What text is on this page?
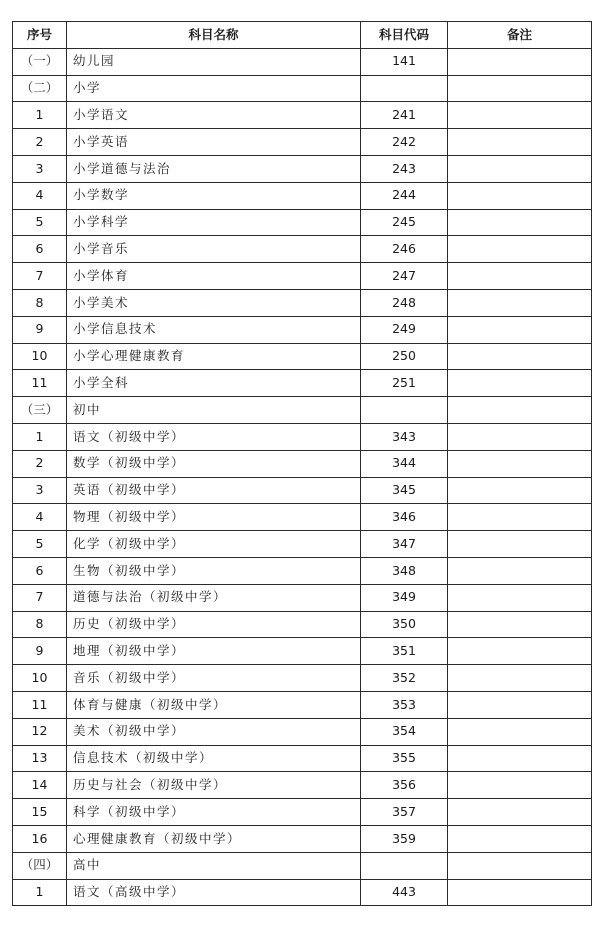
序号	科目名称	科目代码	备注
（一）	幼儿园	141	
（二）	小学		
1	小学语文	241	
2	小学英语	242	
3	小学道德与法治	243	
4	小学数学	244	
5	小学科学	245	
6	小学音乐	246	
7	小学体育	247	
8	小学美术	248	
9	小学信息技术	249	
10	小学心理健康教育	250	
11	小学全科	251	
（三）	初中		
1	语文（初级中学）	343	
2	数学（初级中学）	344	
3	英语（初级中学）	345	
4	物理（初级中学）	346	
5	化学（初级中学）	347	
6	生物（初级中学）	348	
7	道德与法治（初级中学）	349	
8	历史（初级中学）	350	
9	地理（初级中学）	351	
10	音乐（初级中学）	352	
11	体育与健康（初级中学）	353	
12	美术（初级中学）	354	
13	信息技术（初级中学）	355	
14	历史与社会（初级中学）	356	
15	科学（初级中学）	357	
16	心理健康教育（初级中学）	359	
（四）	高中		
1	语文（高级中学）	443	
